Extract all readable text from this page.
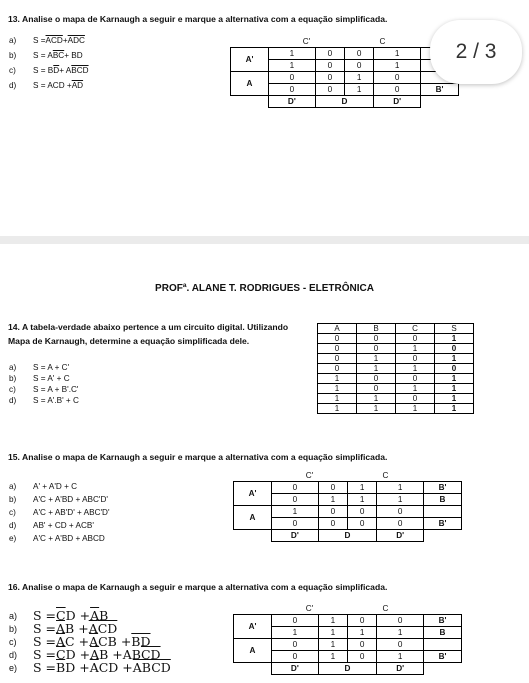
13. Analise o mapa de Karnaugh a seguir e marque a alternativa com a equação simplificada.
a)	$S = \overline{ACD} + \overline{ADC}$
b)	S = A $\overline{BC}$ + BD
c)	S = B $\overline{D} + A$ $\overline{BCD}$
d)	S = ACD + $\overline{AD}$
	C'		C		
A'	1	0	0	1	
	1	0	0	1	
A	0	0	1	0	
	0	0	1	0	B'
	D'	D		D'	
2 / 3
PROFª. ALANE T. RODRIGUES - ELETRÔNICA
14. A tabela-verdade abaixo pertence a um circuito digital. Utilizando Mapa de Karnaugh, determine a equação simplificada dele.
a)	S = A + C'
b)	S = A' + C
c)	S = A + B'.C'
d)	S = A'.B' + C
A	B	C	S
0	0	0	1
0	0	1	0
0	1	0	1
0	1	1	0
1	0	0	1
1	0	1	1
1	1	0	1
1	1	1	1
15. Analise o mapa de Karnaugh a seguir e marque a alternativa com a equação simplificada.
a)	A' + A'D + C
b)	A'C + A'BD + ABC'D'
c)	A'C + AB'D' + ABC'D'
d)	AB' + CD + ACB'
e)	A'C + A'BD + ABCD
	C'		C		
A'	0	0	1	1	B'
	0	1	1	1	B
A	1	0	0	0	
	0	0	0	0	B'
	D'	D		D'	
16. Analise o mapa de Karnaugh a seguir e marque a alternativa com a equação simplificada.
a)	$S = \overline{C}$ $D + \overline{A}$ B
b)	$S = \overline{A}$ $B + \overline{A}$ $\overline{CD}$
c)	$S = \overline{A}$ $C + \overline{A}$ CB + $\overline{BD}$
d)	$S = \overline{C}$ $D + \overline{A}$ B + AB $\overline{CD}$
e)	$S = \overline{B}$ $D + \overline{A}$ CD + ABCD
	C'		C		
A'	0	1	0	0	B'
	1	1	1	1	B
A	0	1	0	0	
	0	1	0	1	B'
	D'	D		D'	
